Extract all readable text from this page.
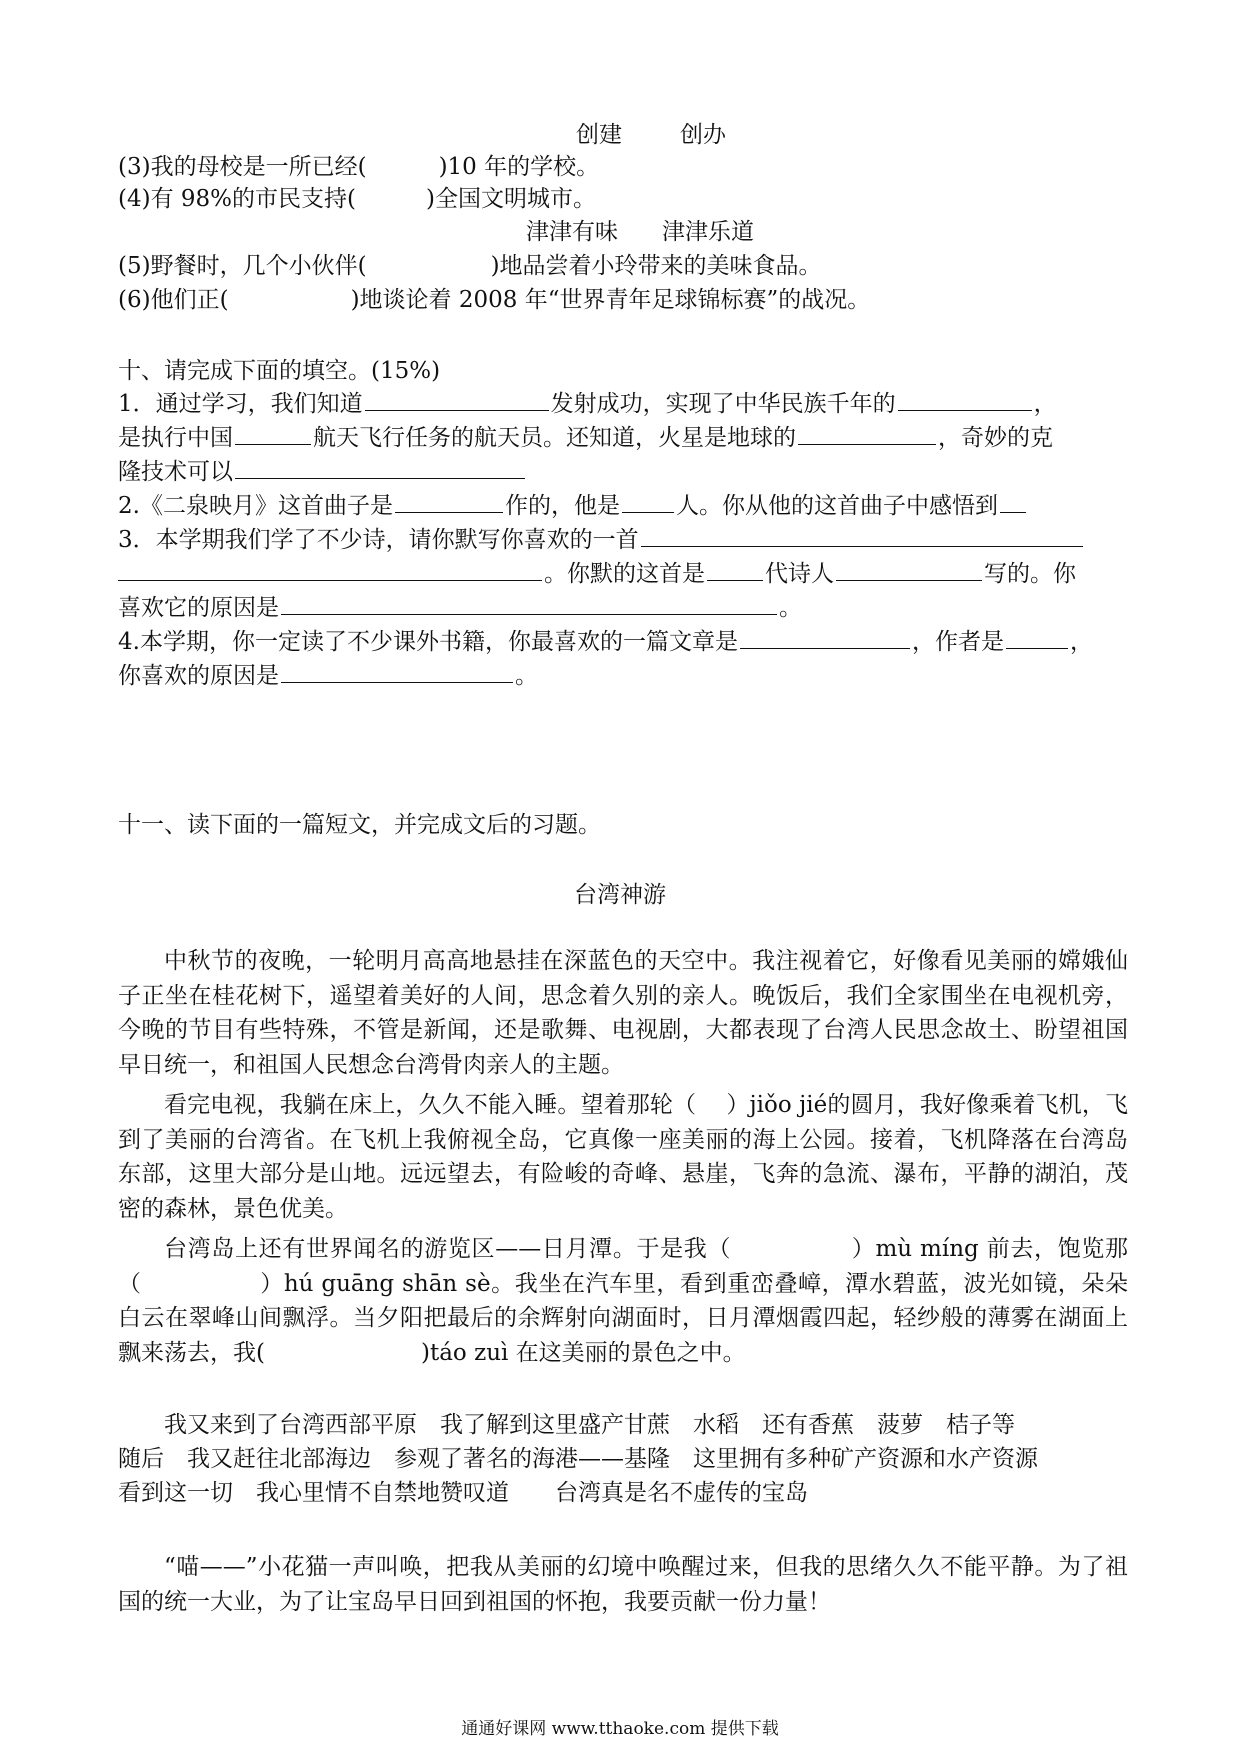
创建	创办
(3)我的母校是一所已经(	)10 年的学校。
(4)有 98%的市民支持(	)全国文明城市。
津津有味 津津乐道
(5)野餐时，几个小伙伴(	)地品尝着小玲带来的美味食品。
(6)他们正(	)地谈论着 2008 年“世界青年足球锦标赛”的战况。
十、请完成下面的填空。(15%)
1．通过学习，我们知道	发射成功，实现了中华民族千年的	，
是执行中国	航天飞行任务的航天员。还知道，火星是地球的	，奇妙的克
隆技术可以
2.《二泉映月》这首曲子是	作的，他是 人。你从他的这首曲子中感悟到
3．本学期我们学了不少诗，请你默写你喜欢的一首
。你默的这首是	代诗人	写的。你
喜欢它的原因是	。
4.本学期，你一定读了不少课外书籍，你最喜欢的一篇文章是	，作者是	，
你喜欢的原因是	。
十一、读下面的一篇短文，并完成文后的习题。
台湾神游

中秋节的夜晚，一轮明月高高地悬挂在深蓝色的天空中。我注视着它，好像看见美丽的嫦娥仙子正坐在桂花树下，遥望着美好的人间，思念着久别的亲人。晚饭后，我们全家围坐在电视机旁，今晚的节目有些特殊，不管是新闻，还是歌舞、电视剧，大都表现了台湾人民思念故土、盼望祖国早日统一，和祖国人民想念台湾骨肉亲人的主题。

看完电视，我躺在床上，久久不能入睡。望着那轮（ ）jiǒo jié的圆月，我好像乘着飞机，飞到了美丽的台湾省。在飞机上我俯视全岛，它真像一座美丽的海上公园。接着，飞机降落在台湾岛东部，这里大部分是山地。远远望去，有险峻的奇峰、悬崖，飞奔的急流、瀑布，平静的湖泊，茂密的森林，景色优美。

台湾岛上还有世界闻名的游览区——日月潭。于是我（	）mù míng 前去，饱览那（	）hú guāng shān sè。我坐在汽车里，看到重峦叠嶂，潭水碧蓝，波光如镜，朵朵白云在翠峰山间飘浮。当夕阳把最后的余辉射向湖面时，日月潭烟霞四起，轻纱般的薄雾在湖面上飘来荡去，我(	)táo zuì 在这美丽的景色之中。

我又来到了台湾西部平原　我了解到这里盛产甘蔗　水稻　还有香蕉　菠萝　桔子等
随后　我又赶往北部海边　参观了著名的海港——基隆　这里拥有多种矿产资源和水产资源
看到这一切　我心里情不自禁地赞叹道　　台湾真是名不虚传的宝岛

“喵——”小花猫一声叫唤，把我从美丽的幻境中唤醒过来，但我的思绪久久不能平静。为了祖国的统一大业，为了让宝岛早日回到祖国的怀抱，我要贡献一份力量！

通通好课网 www.tthaoke.com 提供下载
